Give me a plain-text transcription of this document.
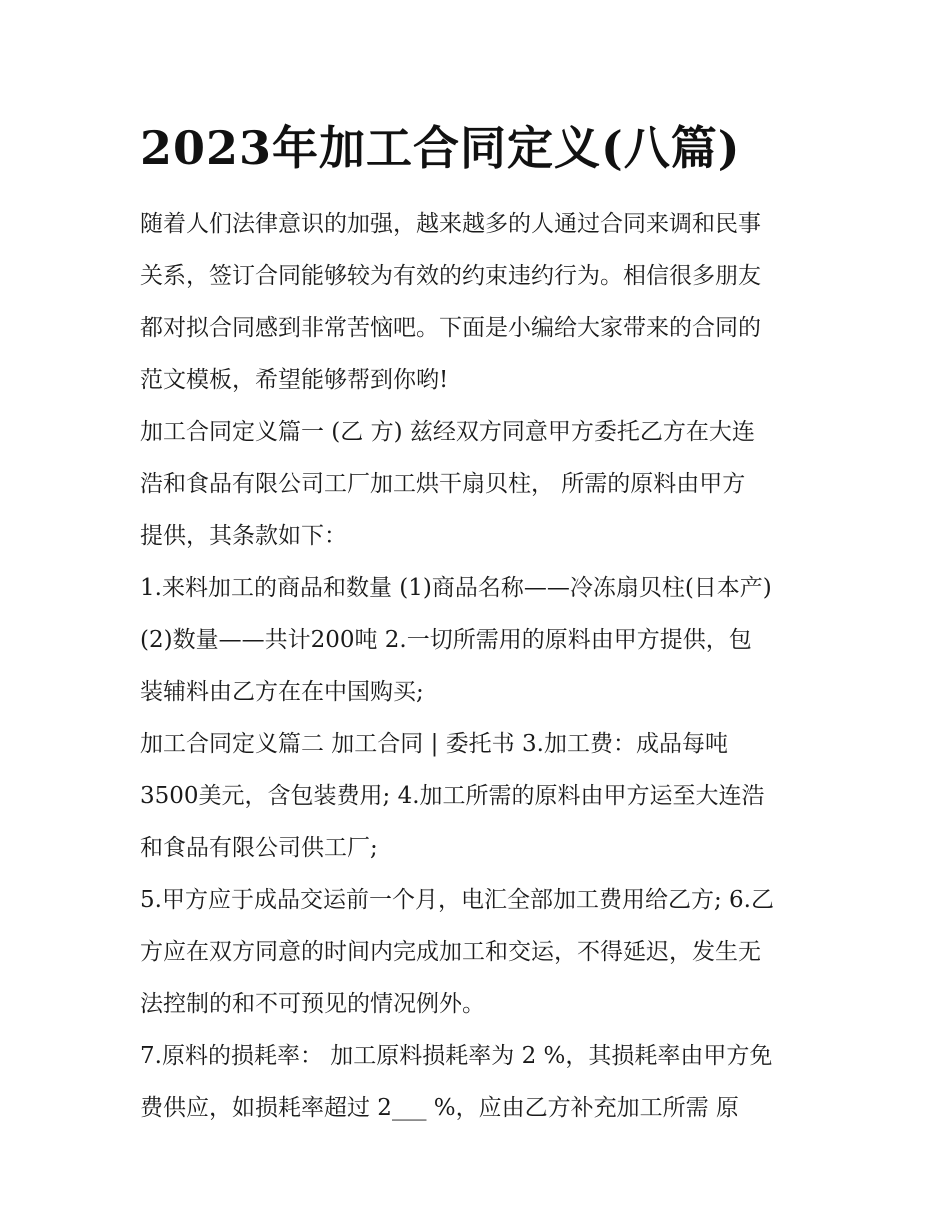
2023年加工合同定义(八篇)
随着人们法律意识的加强，越来越多的人通过合同来调和民事
关系，签订合同能够较为有效的约束违约行为。相信很多朋友
都对拟合同感到非常苦恼吧。下面是小编给大家带来的合同的
范文模板，希望能够帮到你哟!
加工合同定义篇一 (乙 方) 兹经双方同意甲方委托乙方在大连
浩和食品有限公司工厂加工烘干扇贝柱， 所需的原料由甲方
提供，其条款如下：
1.来料加工的商品和数量 (1)商品名称——冷冻扇贝柱(日本产)
(2)数量——共计200吨 2.一切所需用的原料由甲方提供，包
装辅料由乙方在在中国购买;
加工合同定义篇二 加工合同 | 委托书 3.加工费：成品每吨
3500美元，含包装费用; 4.加工所需的原料由甲方运至大连浩
和食品有限公司供工厂;
5.甲方应于成品交运前一个月，电汇全部加工费用给乙方; 6.乙
方应在双方同意的时间内完成加工和交运，不得延迟，发生无
法控制的和不可预见的情况例外。
7.原料的损耗率： 加工原料损耗率为 2 %，其损耗率由甲方免
费供应，如损耗率超过 2___ %，应由乙方补充加工所需 原
